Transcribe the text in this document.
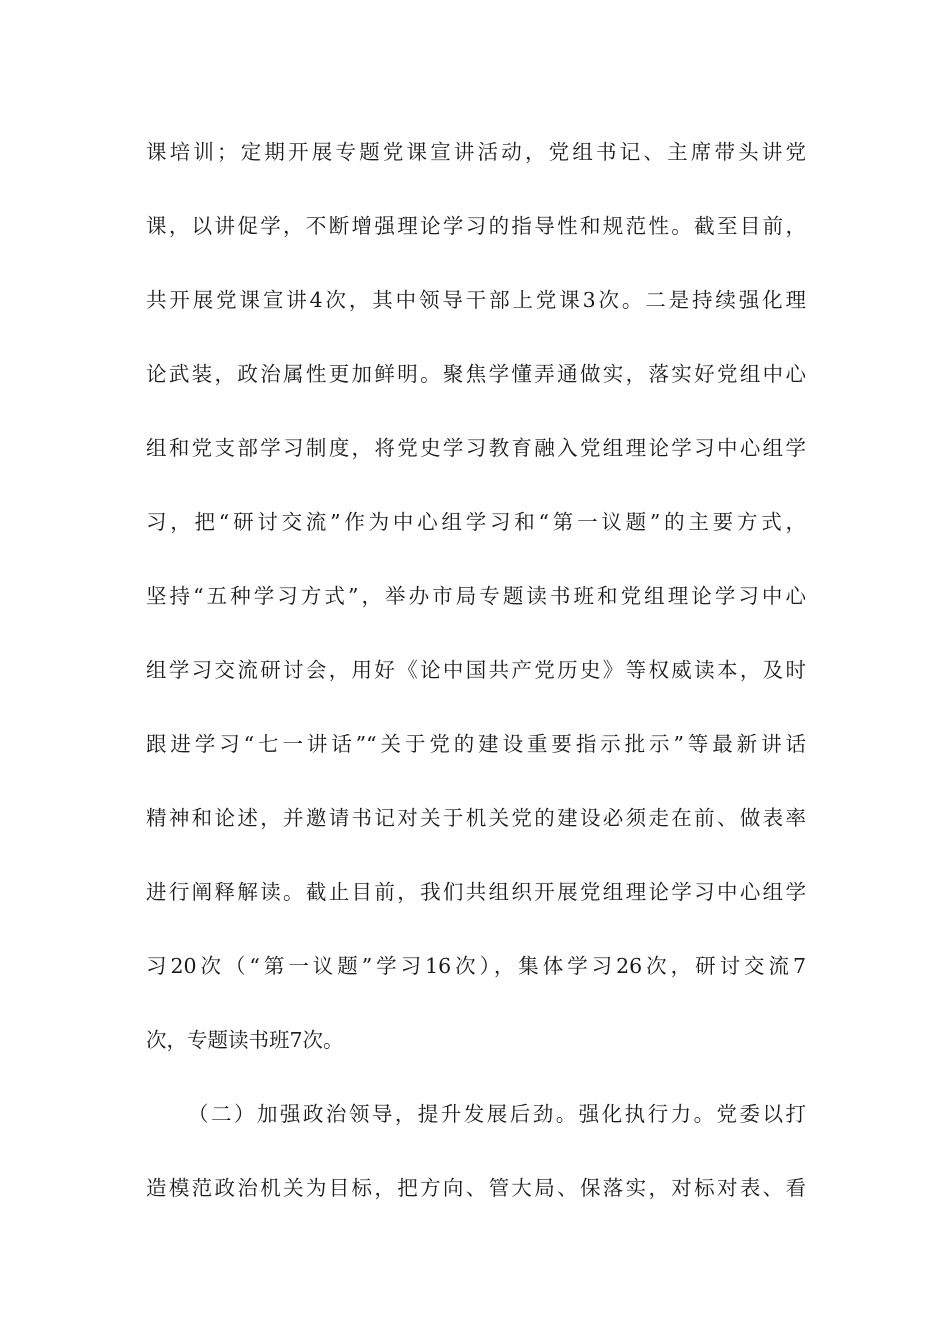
课培训；定期开展专题党课宣讲活动，党组书记、主席带头讲党
课，以讲促学，不断增强理论学习的指导性和规范性。截至目前，
共开展党课宣讲4次，其中领导干部上党课3次。二是持续强化理
论武装，政治属性更加鲜明。聚焦学懂弄通做实，落实好党组中心
组和党支部学习制度，将党史学习教育融入党组理论学习中心组学
习，把“研讨交流”作为中心组学习和“第一议题”的主要方式，
坚持“五种学习方式”，举办市局专题读书班和党组理论学习中心
组学习交流研讨会，用好《论中国共产党历史》等权威读本，及时
跟进学习“七一讲话”“关于党的建设重要指示批示”等最新讲话
精神和论述，并邀请书记对关于机关党的建设必须走在前、做表率
进行阐释解读。截止目前，我们共组织开展党组理论学习中心组学
习20次（“第一议题”学习16次），集体学习26次，研讨交流7
次，专题读书班7次。
（二）加强政治领导，提升发展后劲。强化执行力。党委以打
造模范政治机关为目标，把方向、管大局、保落实，对标对表、看
